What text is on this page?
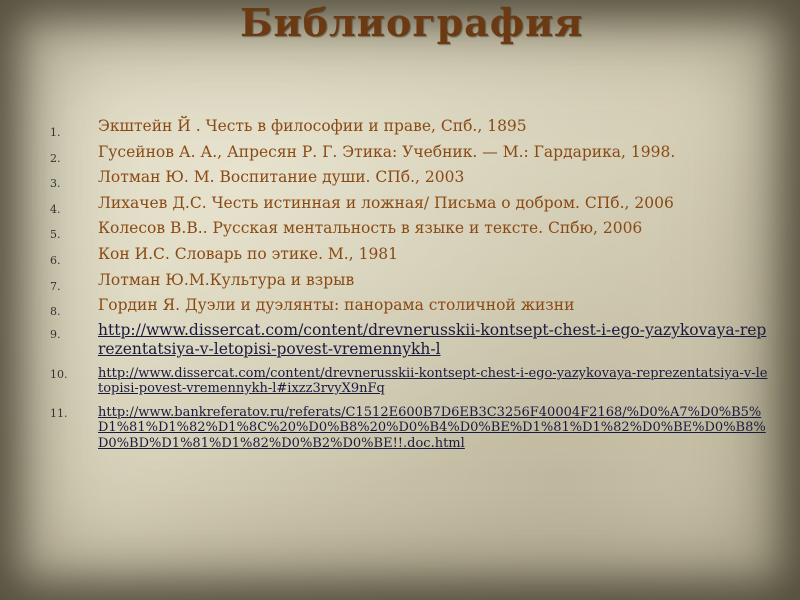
Библиография
1.	Экштейн Й . Честь в философии и праве, Спб., 1895
2.	Гусейнов А. А., Апресян Р. Г. Этика: Учебник. — М.: Гардарика, 1998.
3.	Лотман Ю. М. Воспитание души. СПб., 2003
4.	Лихачев Д.С. Честь истинная и ложная/ Письма о добром. СПб., 2006
5.	Колесов В.В.. Русская ментальность в языке и тексте. Спбю, 2006
6.	Кон И.С. Словарь по этике. М., 1981
7.	Лотман Ю.М.Культура и взрыв
8.	Гордин Я. Дуэли и дуэлянты: панорама столичной жизни
9.	http://www.dissercat.com/content/drevnerusskii-kontsept-chest-i-ego-yazykovaya-reprezentatsiya-v-letopisi-povest-vremennykh-l
10.	http://www.dissercat.com/content/drevnerusskii-kontsept-chest-i-ego-yazykovaya-reprezentatsiya-v-letopisi-povest-vremennykh-l#ixzz3rvyX9nFq
11.	http://www.bankreferatov.ru/referats/C1512E600B7D6EB3C3256F40004F2168/%D0%A7%D0%B5%D1%81%D1%82%D1%8C%20%D0%B8%20%D0%B4%D0%BE%D1%81%D1%82%D0%BE%D0%B8%D0%BD%D1%81%D1%82%D0%B2%D0%BE!!.doc.html
